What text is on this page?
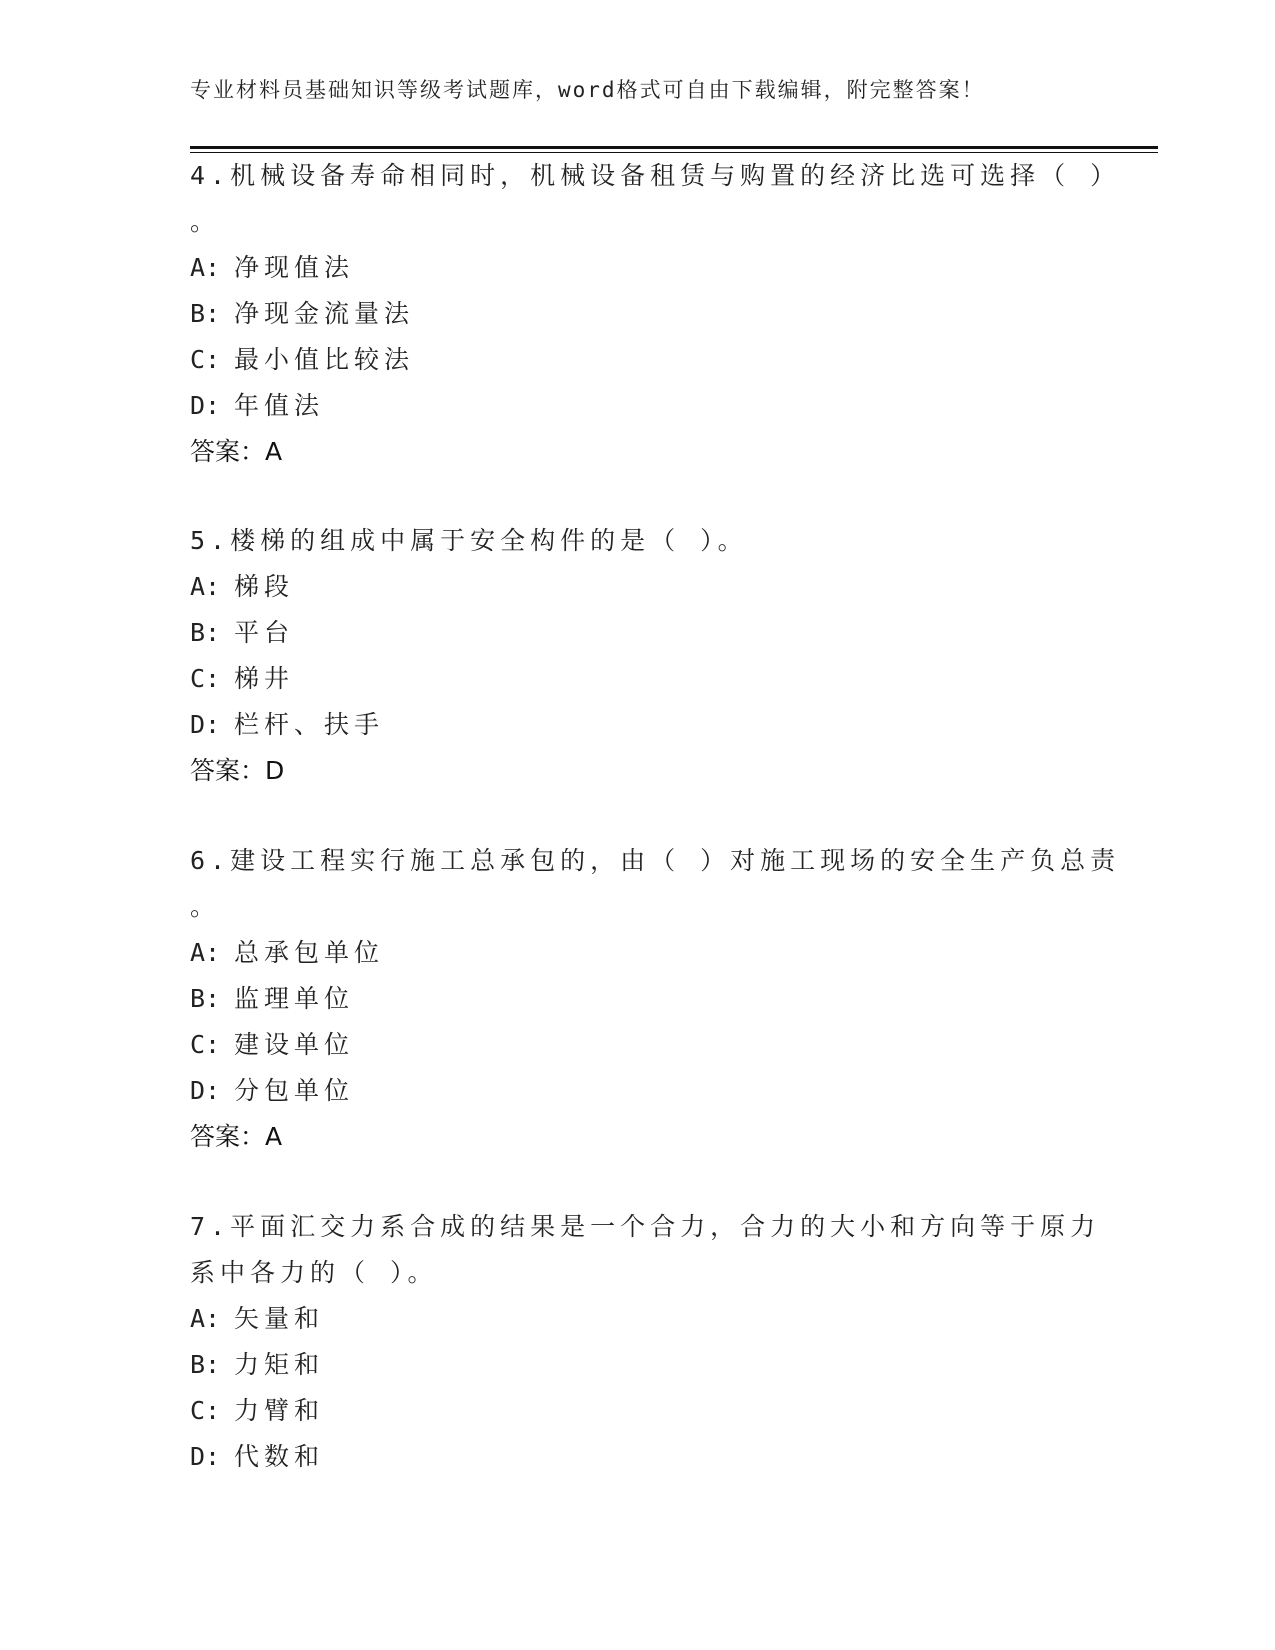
专业材料员基础知识等级考试题库，word格式可自由下载编辑，附完整答案！
4.机械设备寿命相同时，机械设备租赁与购置的经济比选可选择（ ）
。
A: 净现值法
B: 净现金流量法
C: 最小值比较法
D: 年值法
答案：A
5.楼梯的组成中属于安全构件的是（ ）。
A: 梯段
B: 平台
C: 梯井
D: 栏杆、扶手
答案：D
6.建设工程实行施工总承包的，由（ ）对施工现场的安全生产负总责
。
A: 总承包单位
B: 监理单位
C: 建设单位
D: 分包单位
答案：A
7.平面汇交力系合成的结果是一个合力，合力的大小和方向等于原力
系中各力的（ ）。
A: 矢量和
B: 力矩和
C: 力臂和
D: 代数和
